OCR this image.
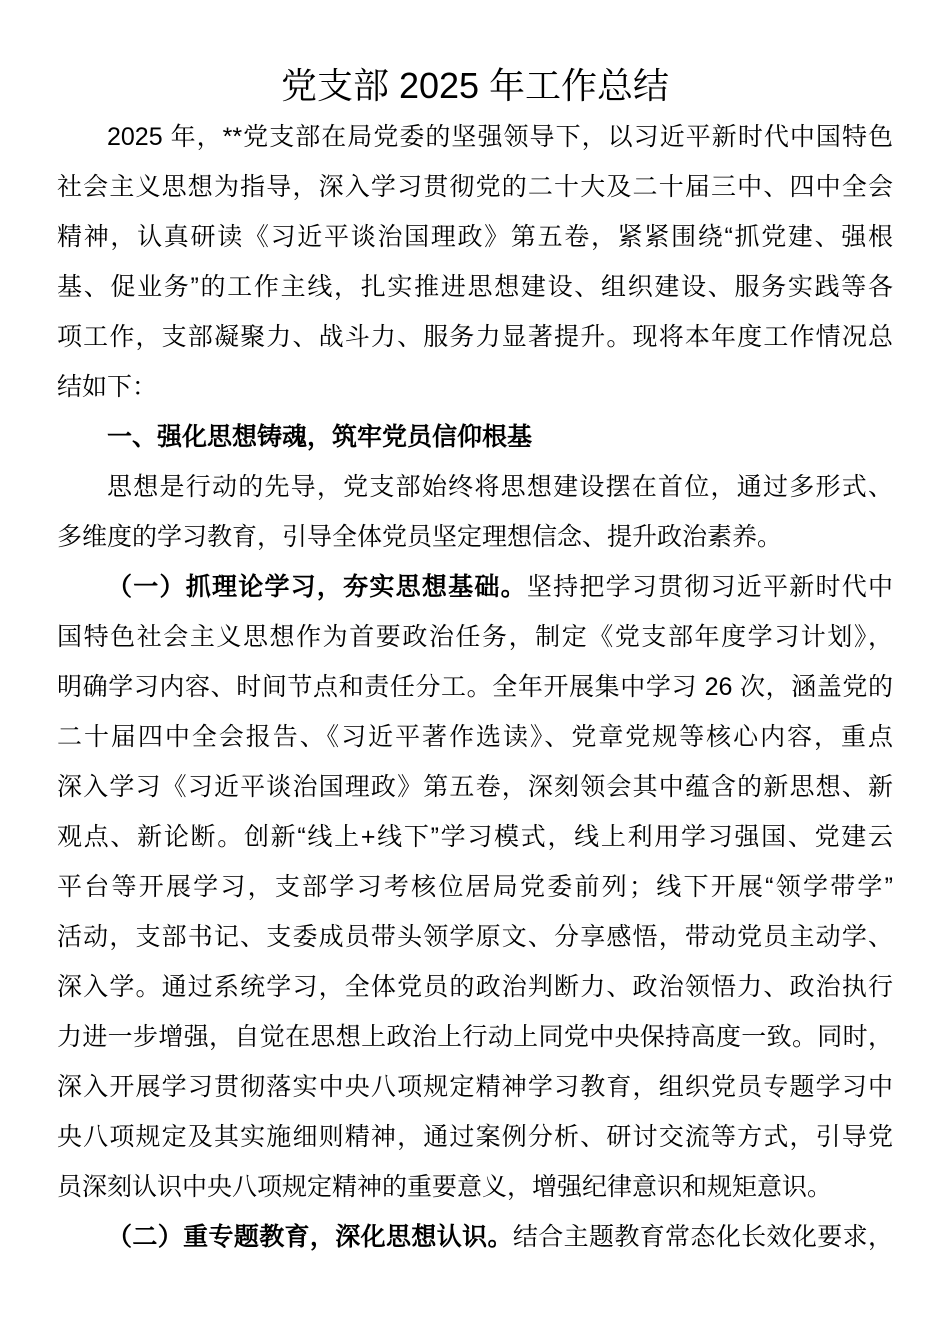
党支部 2025 年工作总结
2025 年，**党支部在局党委的坚强领导下，以习近平新时代中国特色
社会主义思想为指导，深入学习贯彻党的二十大及二十届三中、四中全会
精神，认真研读《习近平谈治国理政》第五卷，紧紧围绕“抓党建、强根
基、促业务”的工作主线，扎实推进思想建设、组织建设、服务实践等各
项工作，支部凝聚力、战斗力、服务力显著提升。现将本年度工作情况总
结如下：
一、强化思想铸魂，筑牢党员信仰根基
思想是行动的先导，党支部始终将思想建设摆在首位，通过多形式、
多维度的学习教育，引导全体党员坚定理想信念、提升政治素养。
（一）抓理论学习，夯实思想基础。坚持把学习贯彻习近平新时代中
国特色社会主义思想作为首要政治任务，制定《党支部年度学习计划》，
明确学习内容、时间节点和责任分工。全年开展集中学习 26 次，涵盖党的
二十届四中全会报告、《习近平著作选读》、党章党规等核心内容，重点
深入学习《习近平谈治国理政》第五卷，深刻领会其中蕴含的新思想、新
观点、新论断。创新“线上+线下”学习模式，线上利用学习强国、党建云
平台等开展学习，支部学习考核位居局党委前列；线下开展“领学带学”
活动，支部书记、支委成员带头领学原文、分享感悟，带动党员主动学、
深入学。通过系统学习，全体党员的政治判断力、政治领悟力、政治执行
力进一步增强，自觉在思想上政治上行动上同党中央保持高度一致。同时，
深入开展学习贯彻落实中央八项规定精神学习教育，组织党员专题学习中
央八项规定及其实施细则精神，通过案例分析、研讨交流等方式，引导党
员深刻认识中央八项规定精神的重要意义，增强纪律意识和规矩意识。
（二）重专题教育，深化思想认识。结合主题教育常态化长效化要求，
